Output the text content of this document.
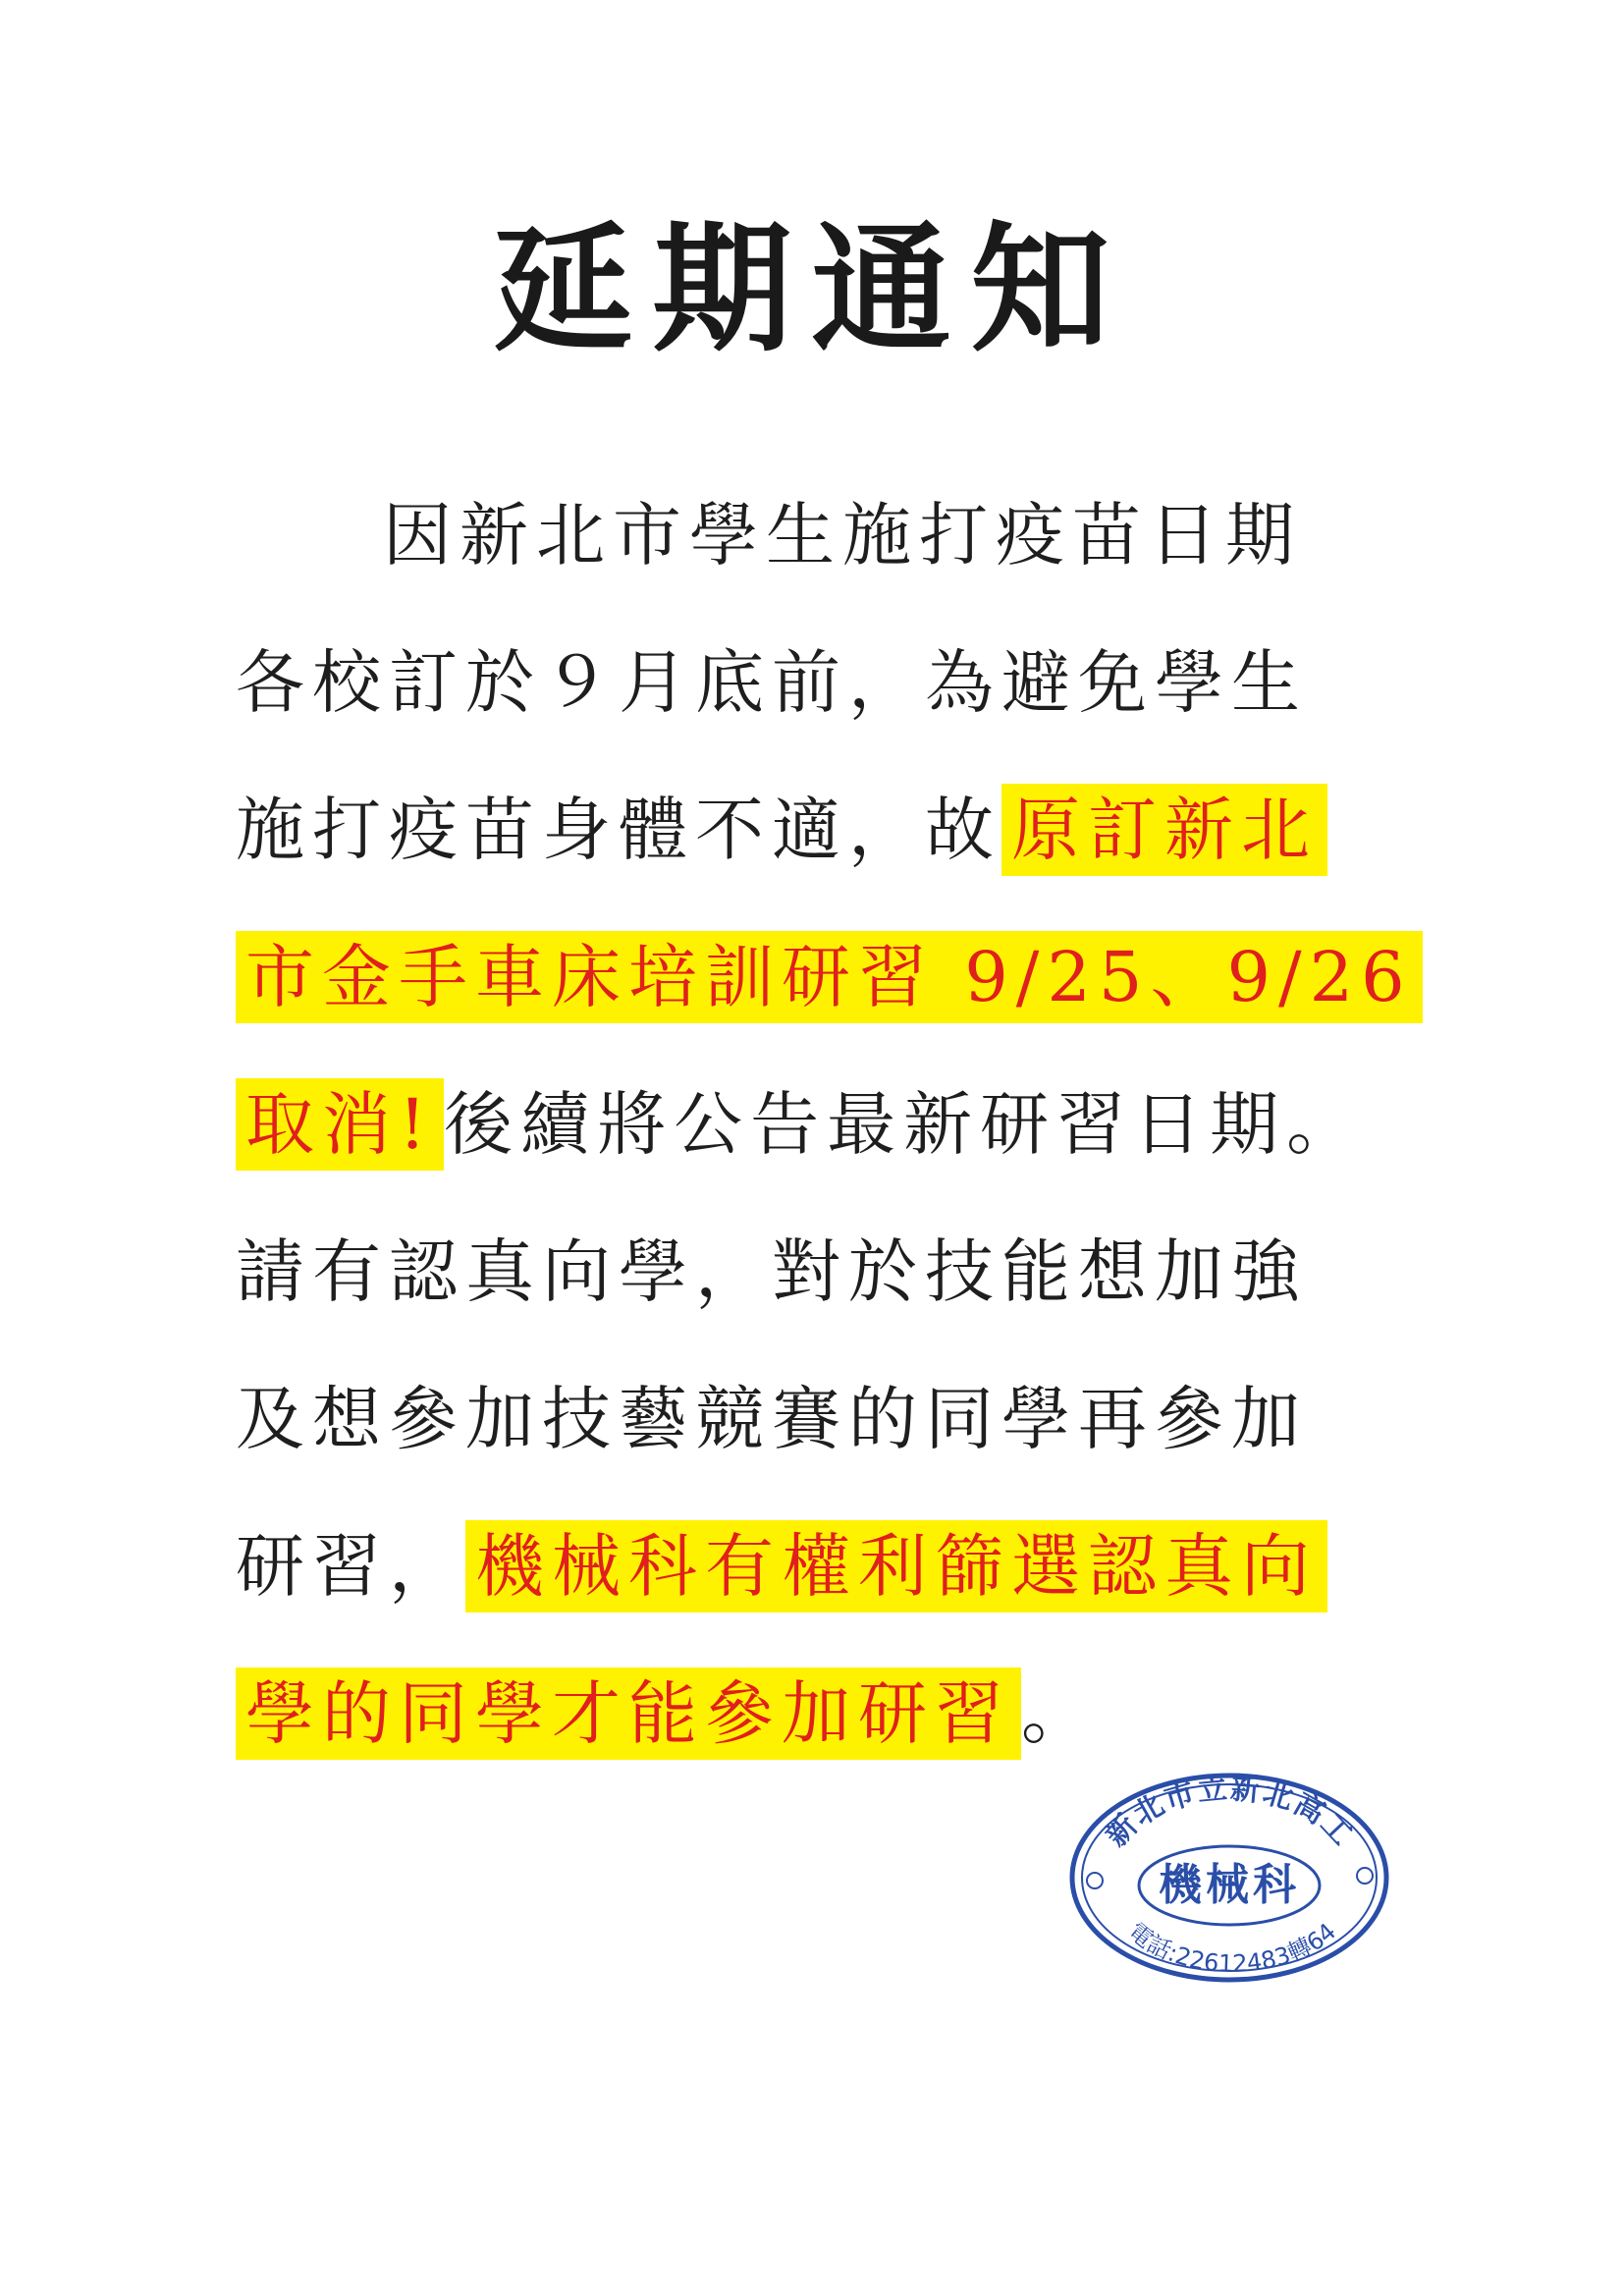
延期通知
因新北市學生施打疫苗日期
各校訂於９月底前，為避免學生
施打疫苗身體不適，故 原訂新北
市金手車床培訓研習 9/25、9/26
取消! 後續將公告最新研習日期。
請有認真向學，對於技能想加強
及想參加技藝競賽的同學再參加
研習， 機械科有權利篩選認真向
學的同學才能參加研習 。
新北市立新北高工
機械科
電話:22612483轉64
